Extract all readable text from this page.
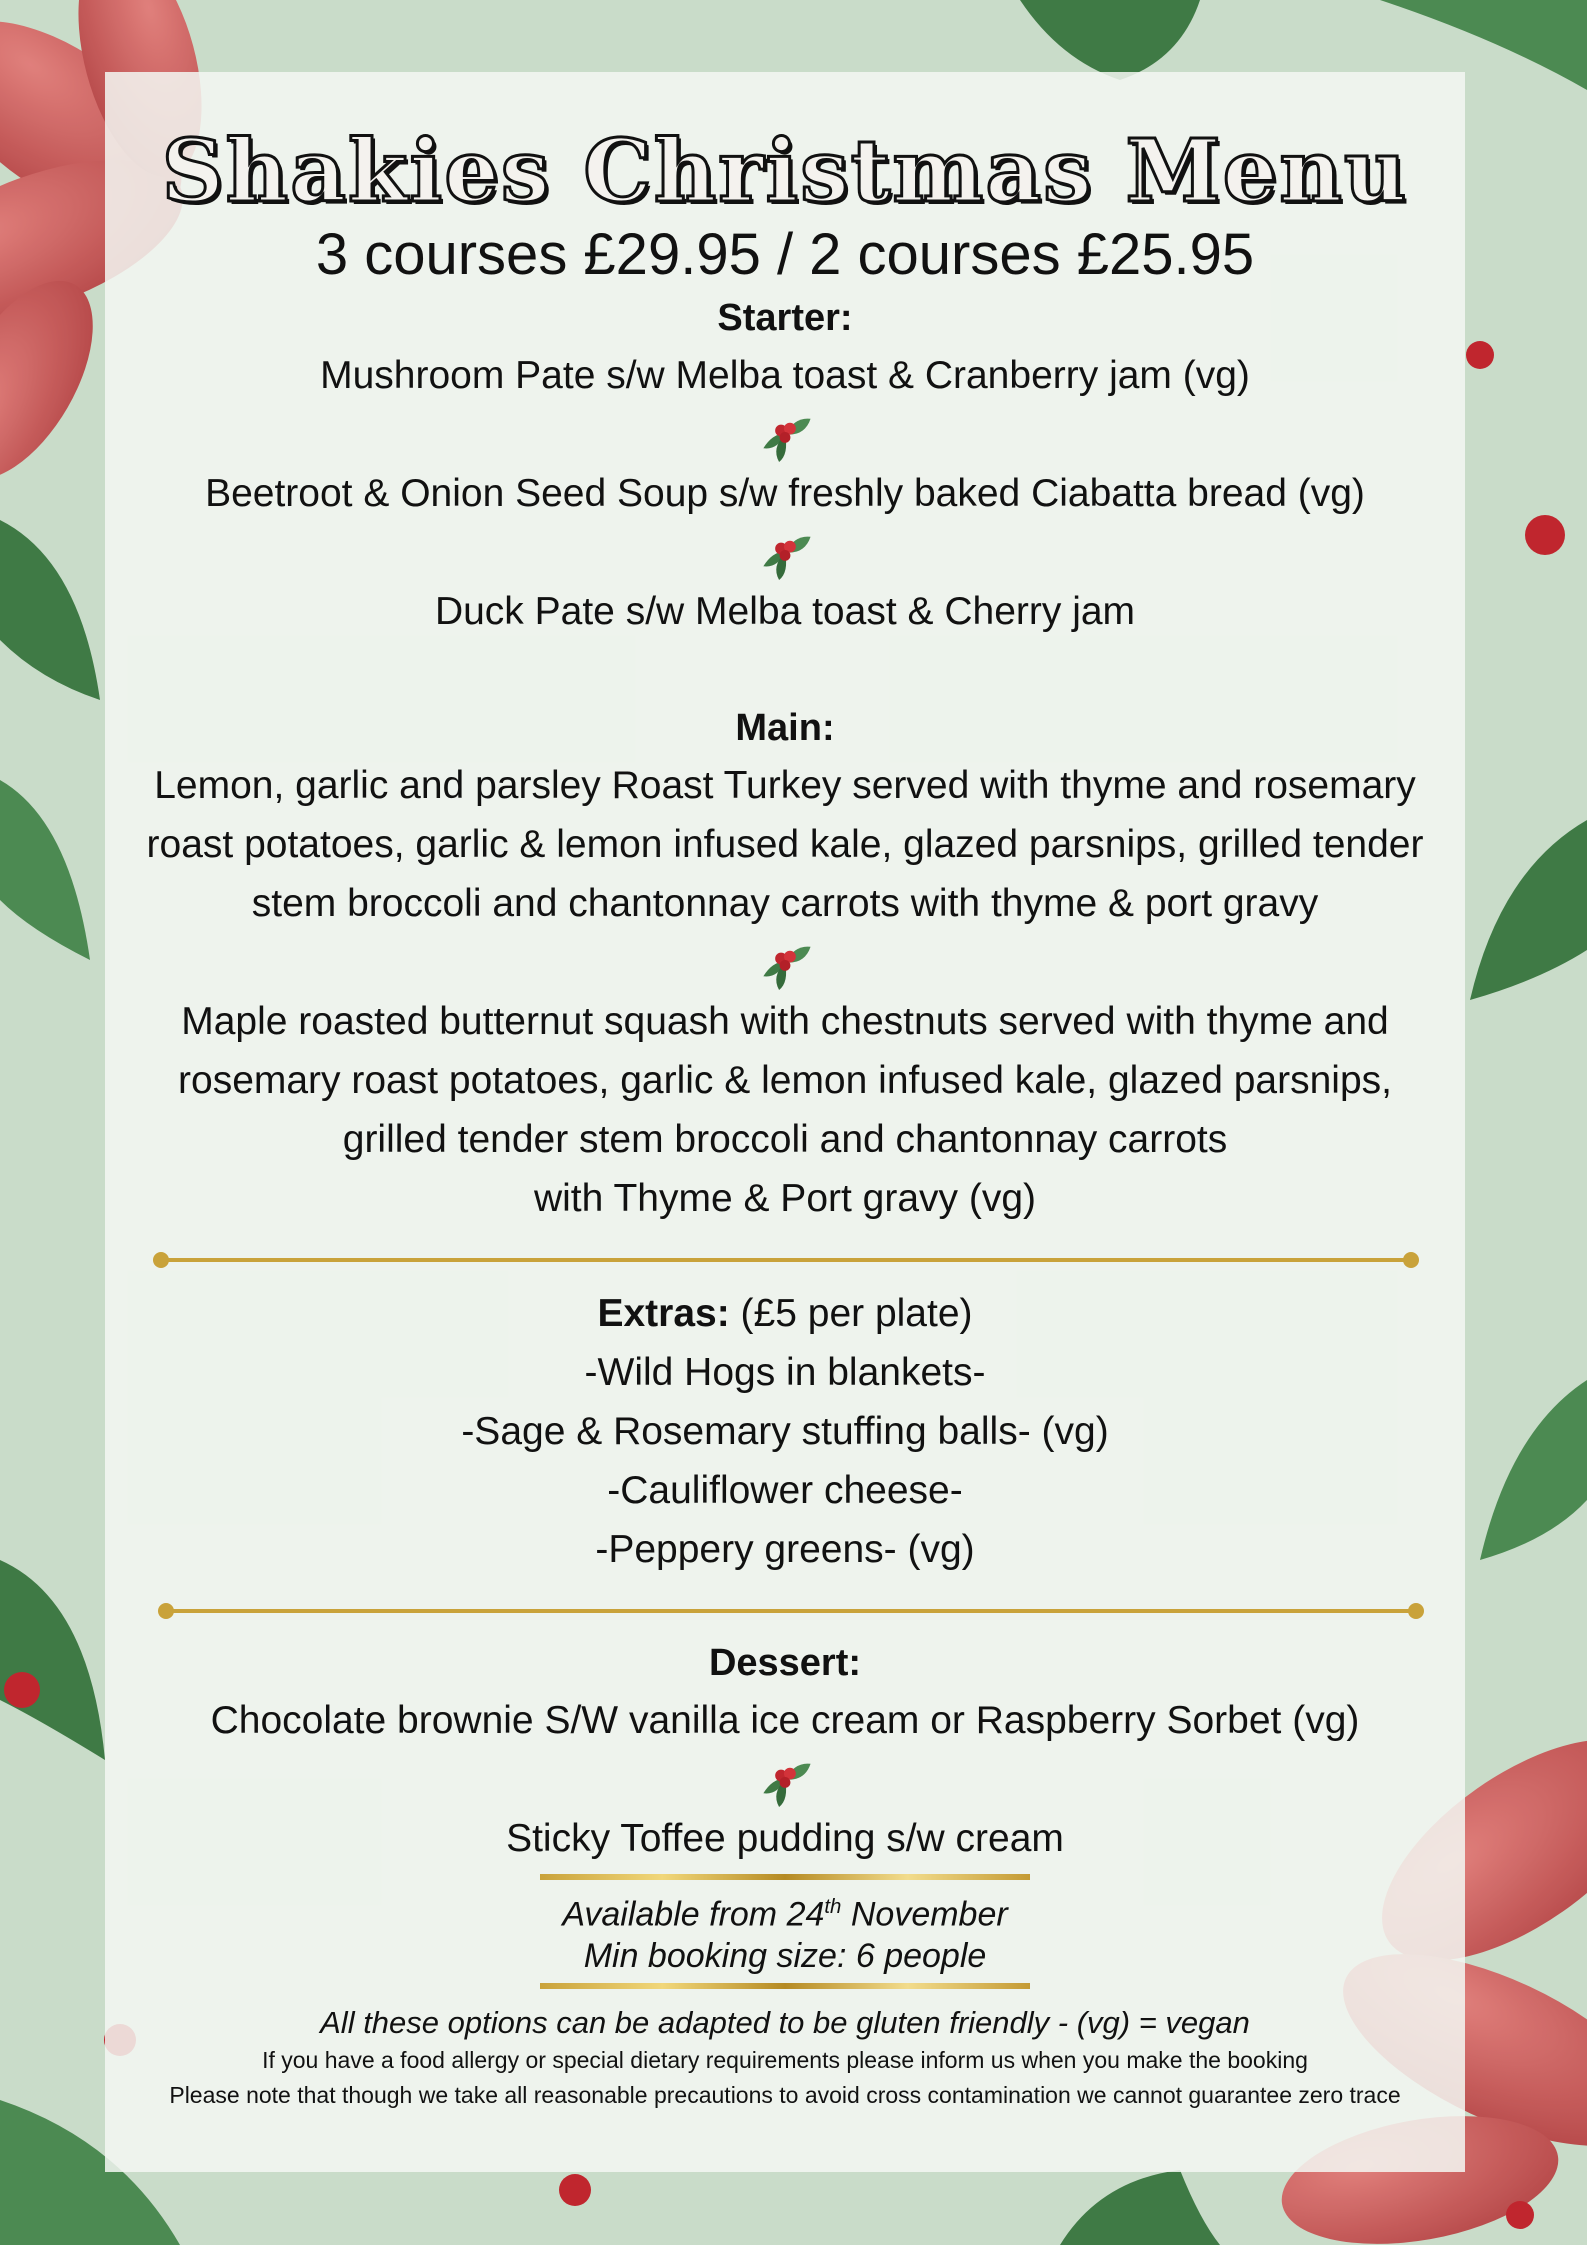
Shakies Christmas Menu
3 courses £29.95 / 2 courses £25.95
Starter:
Mushroom Pate s/w Melba toast & Cranberry jam (vg)
Beetroot & Onion Seed Soup s/w freshly baked Ciabatta bread (vg)
Duck Pate s/w Melba toast & Cherry jam
Main:
Lemon, garlic and parsley Roast Turkey served with thyme and rosemary
roast potatoes, garlic & lemon infused kale, glazed parsnips, grilled tender
stem broccoli and chantonnay carrots with thyme & port gravy
Maple roasted butternut squash with chestnuts served with thyme and
rosemary roast potatoes, garlic & lemon infused kale, glazed parsnips,
grilled tender stem broccoli and chantonnay carrots
with Thyme & Port gravy (vg)
Extras: (£5 per plate)
-Wild Hogs in blankets-
-Sage & Rosemary stuffing balls- (vg)
-Cauliflower cheese-
-Peppery greens- (vg)
Dessert:
Chocolate brownie S/W vanilla ice cream or Raspberry Sorbet (vg)
Sticky Toffee pudding s/w cream
Available from 24th November
Min booking size: 6 people
All these options can be adapted to be gluten friendly - (vg) = vegan
If you have a food allergy or special dietary requirements please inform us when you make the booking
Please note that though we take all reasonable precautions to avoid cross contamination we cannot guarantee zero trace
